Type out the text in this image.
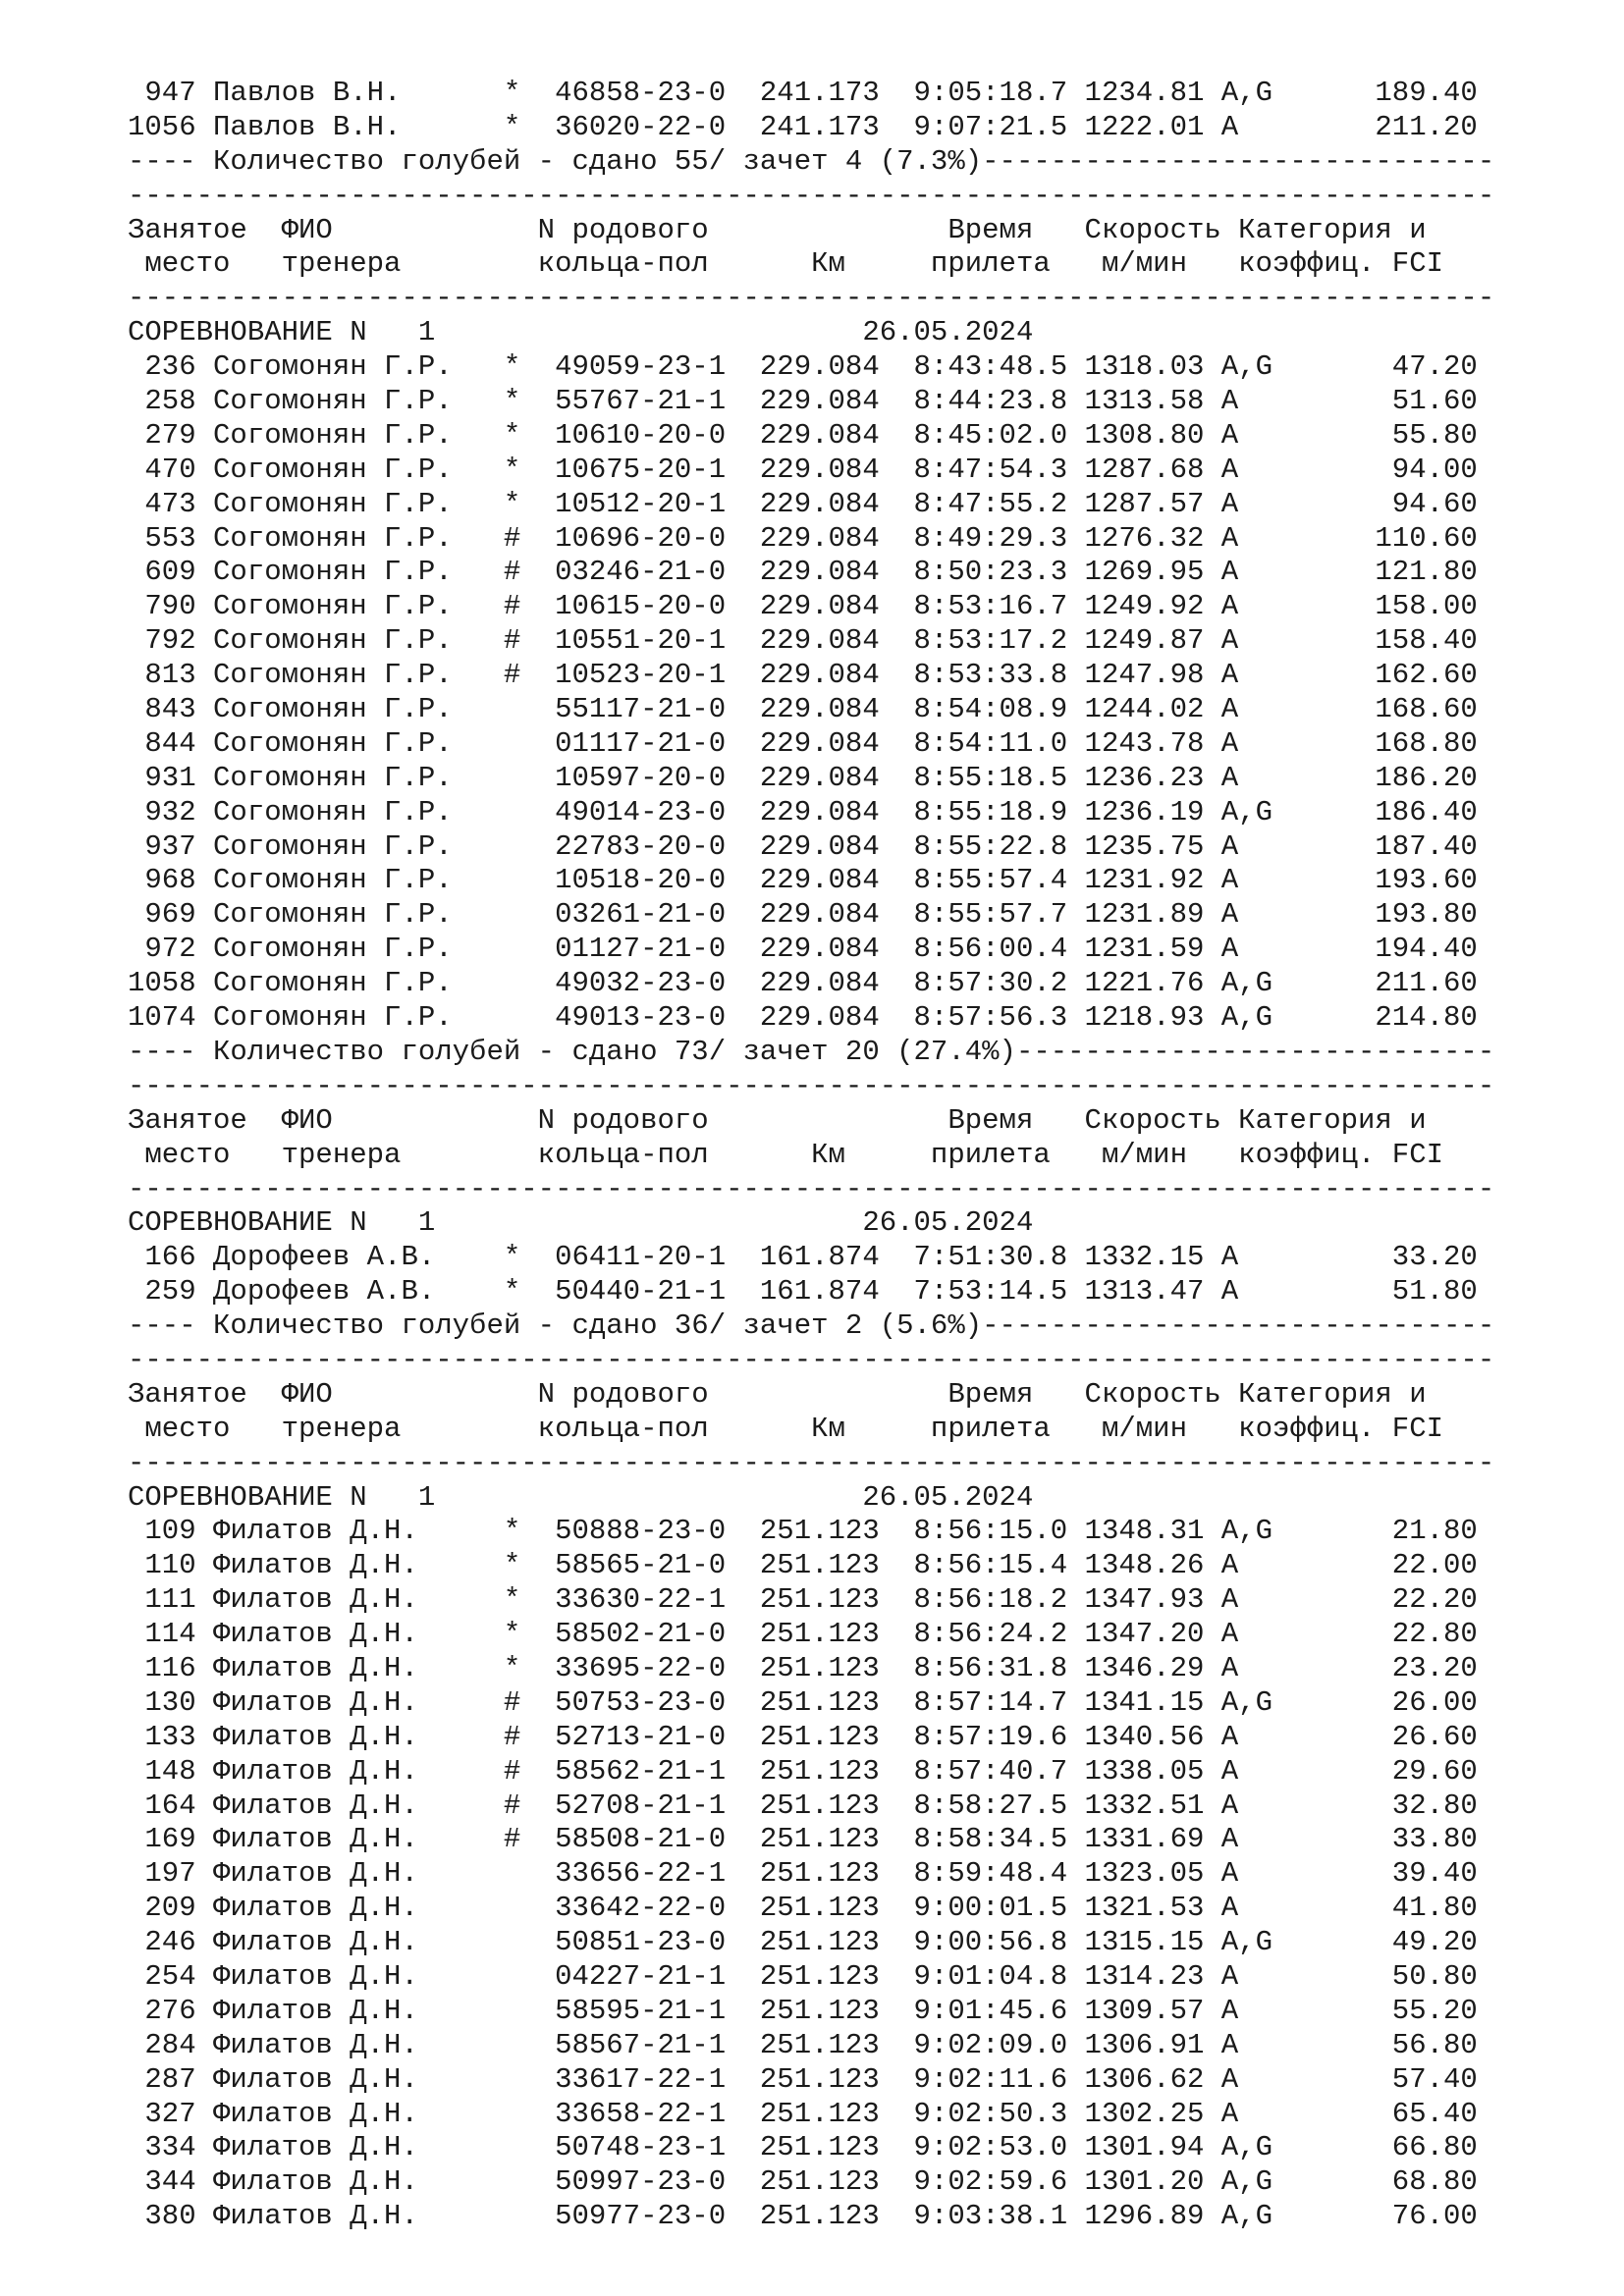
947 Павлов В.Н.      *  46858-23-0  241.173  9:05:18.7 1234.81 A,G      189.40
1056 Павлов В.Н.      *  36020-22-0  241.173  9:07:21.5 1222.01 A        211.20
---- Количество голубей - сдано 55/ зачет 4 (7.3%)------------------------------
--------------------------------------------------------------------------------
Занятое  ФИО            N родового              Время   Скорость Категория и
место   тренера        кольца-пол      Км     прилета   м/мин   коэффиц. FCI
--------------------------------------------------------------------------------
СОРЕВНОВАНИЕ N   1                         26.05.2024
236 Согомонян Г.Р.   *  49059-23-1  229.084  8:43:48.5 1318.03 A,G       47.20
258 Согомонян Г.Р.   *  55767-21-1  229.084  8:44:23.8 1313.58 A         51.60
279 Согомонян Г.Р.   *  10610-20-0  229.084  8:45:02.0 1308.80 A         55.80
470 Согомонян Г.Р.   *  10675-20-1  229.084  8:47:54.3 1287.68 A         94.00
473 Согомонян Г.Р.   *  10512-20-1  229.084  8:47:55.2 1287.57 A         94.60
553 Согомонян Г.Р.   #  10696-20-0  229.084  8:49:29.3 1276.32 A        110.60
609 Согомонян Г.Р.   #  03246-21-0  229.084  8:50:23.3 1269.95 A        121.80
790 Согомонян Г.Р.   #  10615-20-0  229.084  8:53:16.7 1249.92 A        158.00
792 Согомонян Г.Р.   #  10551-20-1  229.084  8:53:17.2 1249.87 A        158.40
813 Согомонян Г.Р.   #  10523-20-1  229.084  8:53:33.8 1247.98 A        162.60
843 Согомонян Г.Р.      55117-21-0  229.084  8:54:08.9 1244.02 A        168.60
844 Согомонян Г.Р.      01117-21-0  229.084  8:54:11.0 1243.78 A        168.80
931 Согомонян Г.Р.      10597-20-0  229.084  8:55:18.5 1236.23 A        186.20
932 Согомонян Г.Р.      49014-23-0  229.084  8:55:18.9 1236.19 A,G      186.40
937 Согомонян Г.Р.      22783-20-0  229.084  8:55:22.8 1235.75 A        187.40
968 Согомонян Г.Р.      10518-20-0  229.084  8:55:57.4 1231.92 A        193.60
969 Согомонян Г.Р.      03261-21-0  229.084  8:55:57.7 1231.89 A        193.80
972 Согомонян Г.Р.      01127-21-0  229.084  8:56:00.4 1231.59 A        194.40
1058 Согомонян Г.Р.      49032-23-0  229.084  8:57:30.2 1221.76 A,G      211.60
1074 Согомонян Г.Р.      49013-23-0  229.084  8:57:56.3 1218.93 A,G      214.80
---- Количество голубей - сдано 73/ зачет 20 (27.4%)----------------------------
--------------------------------------------------------------------------------
Занятое  ФИО            N родового              Время   Скорость Категория и
место   тренера        кольца-пол      Км     прилета   м/мин   коэффиц. FCI
--------------------------------------------------------------------------------
СОРЕВНОВАНИЕ N   1                         26.05.2024
166 Дорофеев А.В.    *  06411-20-1  161.874  7:51:30.8 1332.15 A         33.20
259 Дорофеев А.В.    *  50440-21-1  161.874  7:53:14.5 1313.47 A         51.80
---- Количество голубей - сдано 36/ зачет 2 (5.6%)------------------------------
--------------------------------------------------------------------------------
Занятое  ФИО            N родового              Время   Скорость Категория и
место   тренера        кольца-пол      Км     прилета   м/мин   коэффиц. FCI
--------------------------------------------------------------------------------
СОРЕВНОВАНИЕ N   1                         26.05.2024
109 Филатов Д.Н.     *  50888-23-0  251.123  8:56:15.0 1348.31 A,G       21.80
110 Филатов Д.Н.     *  58565-21-0  251.123  8:56:15.4 1348.26 A         22.00
111 Филатов Д.Н.     *  33630-22-1  251.123  8:56:18.2 1347.93 A         22.20
114 Филатов Д.Н.     *  58502-21-0  251.123  8:56:24.2 1347.20 A         22.80
116 Филатов Д.Н.     *  33695-22-0  251.123  8:56:31.8 1346.29 A         23.20
130 Филатов Д.Н.     #  50753-23-0  251.123  8:57:14.7 1341.15 A,G       26.00
133 Филатов Д.Н.     #  52713-21-0  251.123  8:57:19.6 1340.56 A         26.60
148 Филатов Д.Н.     #  58562-21-1  251.123  8:57:40.7 1338.05 A         29.60
164 Филатов Д.Н.     #  52708-21-1  251.123  8:58:27.5 1332.51 A         32.80
169 Филатов Д.Н.     #  58508-21-0  251.123  8:58:34.5 1331.69 A         33.80
197 Филатов Д.Н.        33656-22-1  251.123  8:59:48.4 1323.05 A         39.40
209 Филатов Д.Н.        33642-22-0  251.123  9:00:01.5 1321.53 A         41.80
246 Филатов Д.Н.        50851-23-0  251.123  9:00:56.8 1315.15 A,G       49.20
254 Филатов Д.Н.        04227-21-1  251.123  9:01:04.8 1314.23 A         50.80
276 Филатов Д.Н.        58595-21-1  251.123  9:01:45.6 1309.57 A         55.20
284 Филатов Д.Н.        58567-21-1  251.123  9:02:09.0 1306.91 A         56.80
287 Филатов Д.Н.        33617-22-1  251.123  9:02:11.6 1306.62 A         57.40
327 Филатов Д.Н.        33658-22-1  251.123  9:02:50.3 1302.25 A         65.40
334 Филатов Д.Н.        50748-23-1  251.123  9:02:53.0 1301.94 A,G       66.80
344 Филатов Д.Н.        50997-23-0  251.123  9:02:59.6 1301.20 A,G       68.80
380 Филатов Д.Н.        50977-23-0  251.123  9:03:38.1 1296.89 A,G       76.00
